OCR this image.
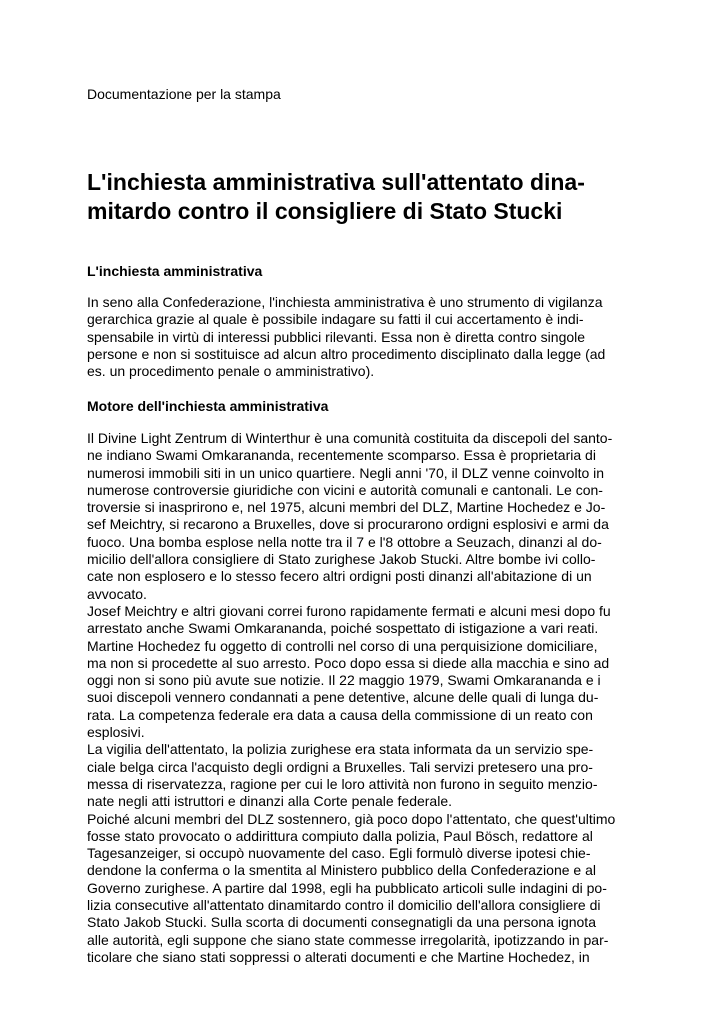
Documentazione per la stampa
L'inchiesta amministrativa sull'attentato dina-
mitardo contro il consigliere di Stato Stucki
L'inchiesta amministrativa
In seno alla Confederazione, l'inchiesta amministrativa è uno strumento di vigilanza
gerarchica grazie al quale è possibile indagare su fatti il cui accertamento è indi-
spensabile in virtù di interessi pubblici rilevanti. Essa non è diretta contro singole
persone e non si sostituisce ad alcun altro procedimento disciplinato dalla legge (ad
es. un procedimento penale o amministrativo).
Motore dell'inchiesta amministrativa
Il Divine Light Zentrum di Winterthur è una comunità costituita da discepoli del santo-
ne indiano Swami Omkarananda, recentemente scomparso. Essa è proprietaria di
numerosi immobili siti in un unico quartiere. Negli anni '70, il DLZ venne coinvolto in
numerose controversie giuridiche con vicini e autorità comunali e cantonali. Le con-
troversie si inasprirono e, nel 1975, alcuni membri del DLZ, Martine Hochedez e Jo-
sef Meichtry, si recarono a Bruxelles, dove si procurarono ordigni esplosivi e armi da
fuoco. Una bomba esplose nella notte tra il 7 e l'8 ottobre a Seuzach, dinanzi al do-
micilio dell'allora consigliere di Stato zurighese Jakob Stucki. Altre bombe ivi collo-
cate non esplosero e lo stesso fecero altri ordigni posti dinanzi all'abitazione di un
avvocato.
Josef Meichtry e altri giovani correi furono rapidamente fermati e alcuni mesi dopo fu
arrestato anche Swami Omkarananda, poiché sospettato di istigazione a vari reati.
Martine Hochedez fu oggetto di controlli nel corso di una perquisizione domiciliare,
ma non si procedette al suo arresto. Poco dopo essa si diede alla macchia e sino ad
oggi non si sono più avute sue notizie. Il 22 maggio 1979, Swami Omkarananda e i
suoi discepoli vennero condannati a pene detentive, alcune delle quali di lunga du-
rata. La competenza federale era data a causa della commissione di un reato con
esplosivi.
La vigilia dell'attentato, la polizia zurighese era stata informata da un servizio spe-
ciale belga circa l'acquisto degli ordigni a Bruxelles. Tali servizi pretesero una pro-
messa di riservatezza, ragione per cui le loro attività non furono in seguito menzio-
nate negli atti istruttori e dinanzi alla Corte penale federale.
Poiché alcuni membri del DLZ sostennero, già poco dopo l'attentato, che quest'ultimo
fosse stato provocato o addirittura compiuto dalla polizia, Paul Bösch, redattore al
Tagesanzeiger, si occupò nuovamente del caso. Egli formulò diverse ipotesi chie-
dendone la conferma o la smentita al Ministero pubblico della Confederazione e al
Governo zurighese. A partire dal 1998, egli ha pubblicato articoli sulle indagini di po-
lizia consecutive all'attentato dinamitardo contro il domicilio dell'allora consigliere di
Stato Jakob Stucki. Sulla scorta di documenti consegnatigli da una persona ignota
alle autorità, egli suppone che siano state commesse irregolarità, ipotizzando in par-
ticolare che siano stati soppressi o alterati documenti e che Martine Hochedez, in
